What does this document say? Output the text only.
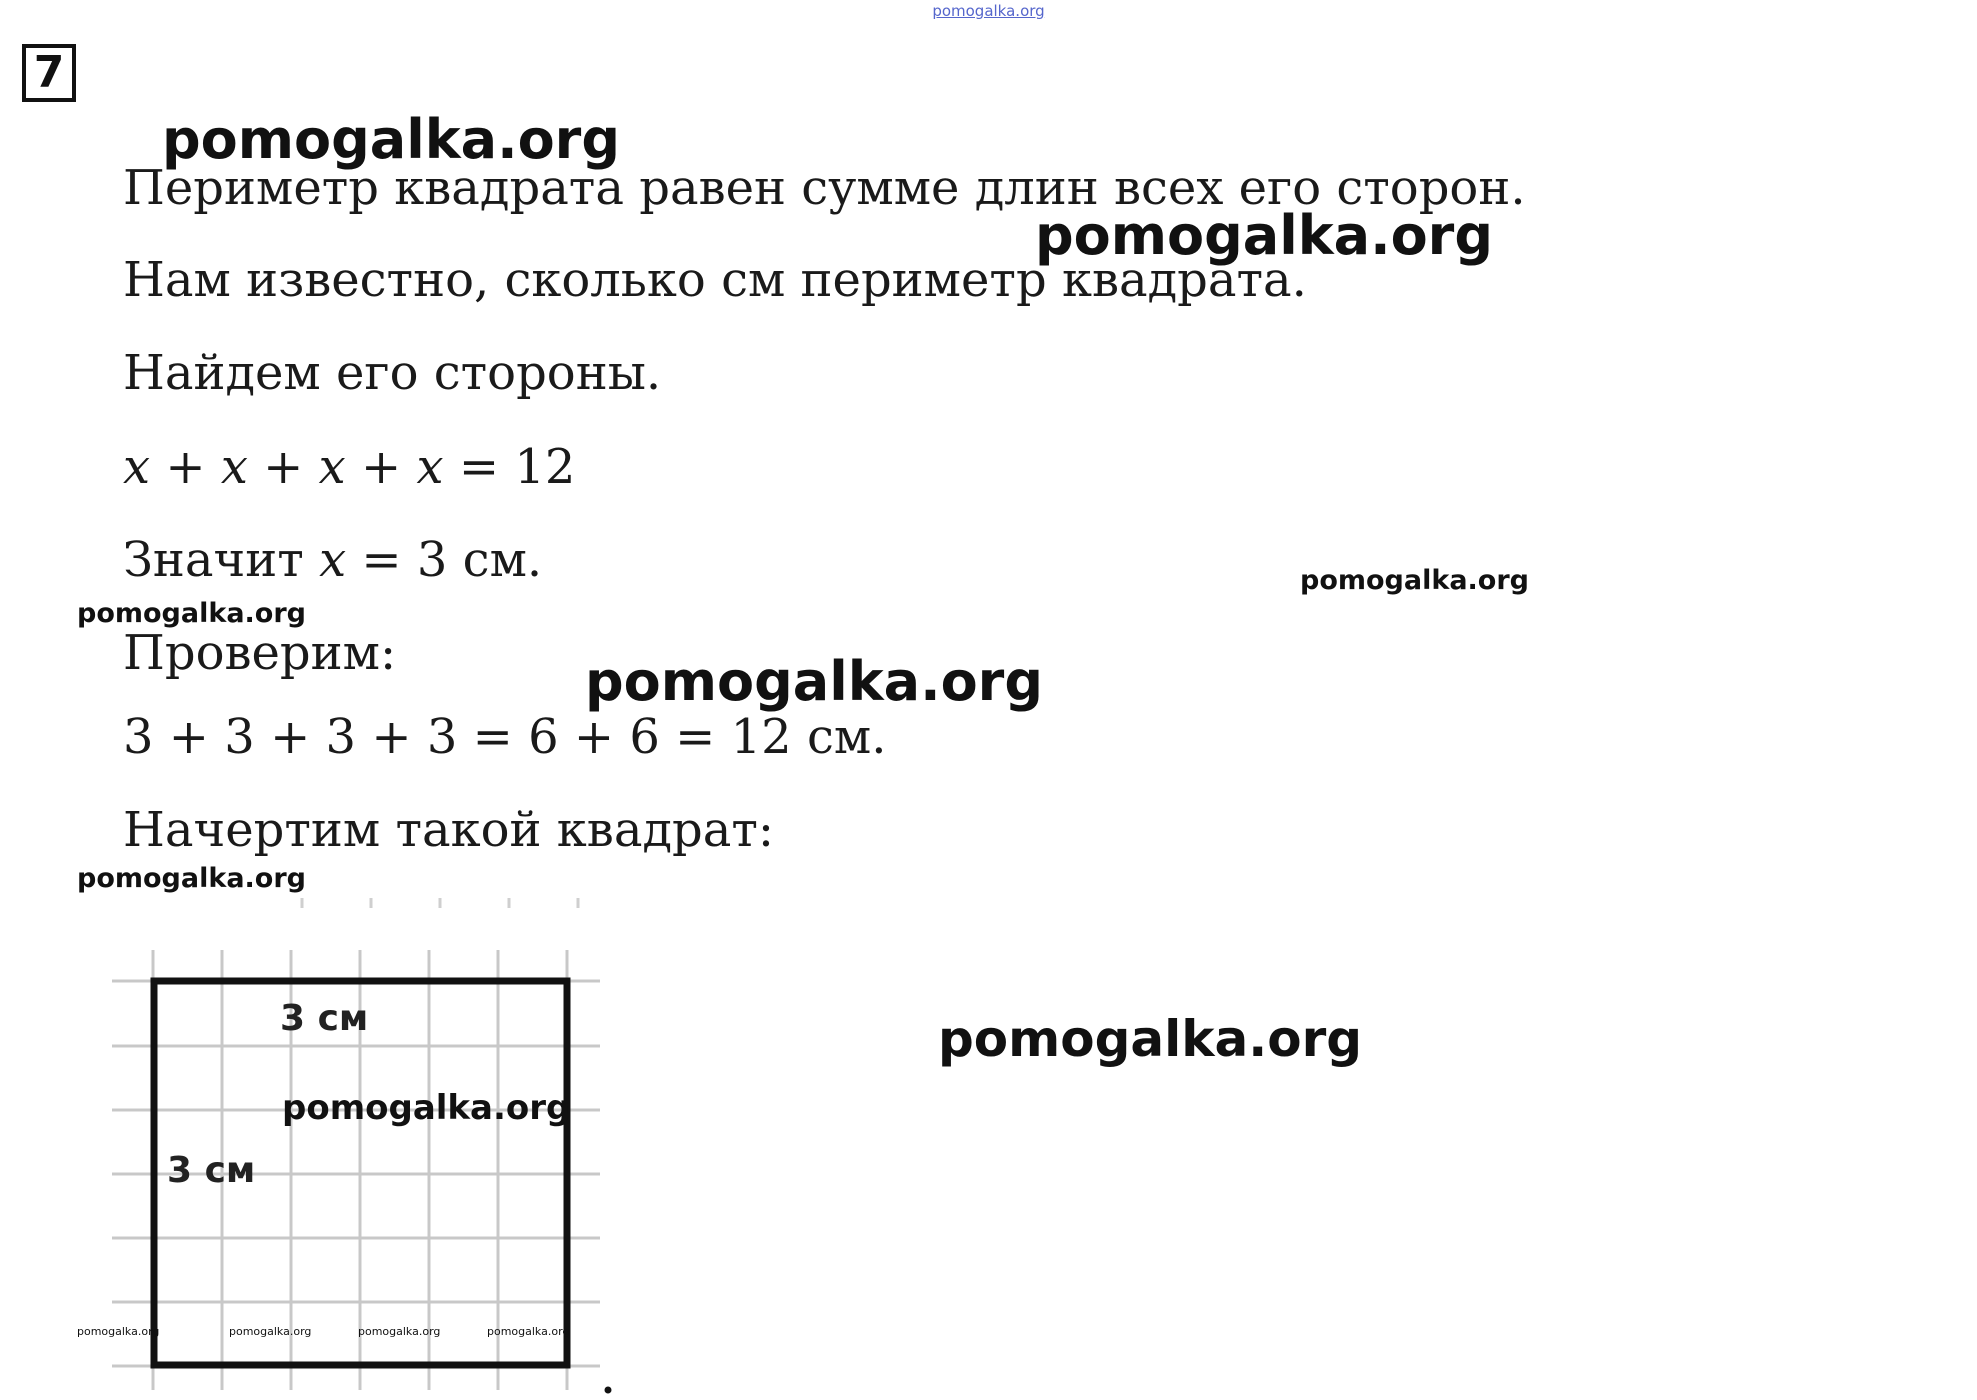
pomogalka.org
7
Периметр квадрата равен сумме длин всех его сторон.
Нам известно, сколько см периметр квадрата.
Найдем его стороны.
x + x + x + x = 12
Значит x = 3 см.
Проверим:
3 + 3 + 3 + 3 = 6 + 6 = 12 см.
Начертим такой квадрат:
3 см
3 см
pomogalka.org
pomogalka.org
pomogalka.org
pomogalka.org
pomogalka.org
pomogalka.org
pomogalka.org
pomogalka.org
pomogalka.org	pomogalka.org	pomogalka.org	pomogalka.org
